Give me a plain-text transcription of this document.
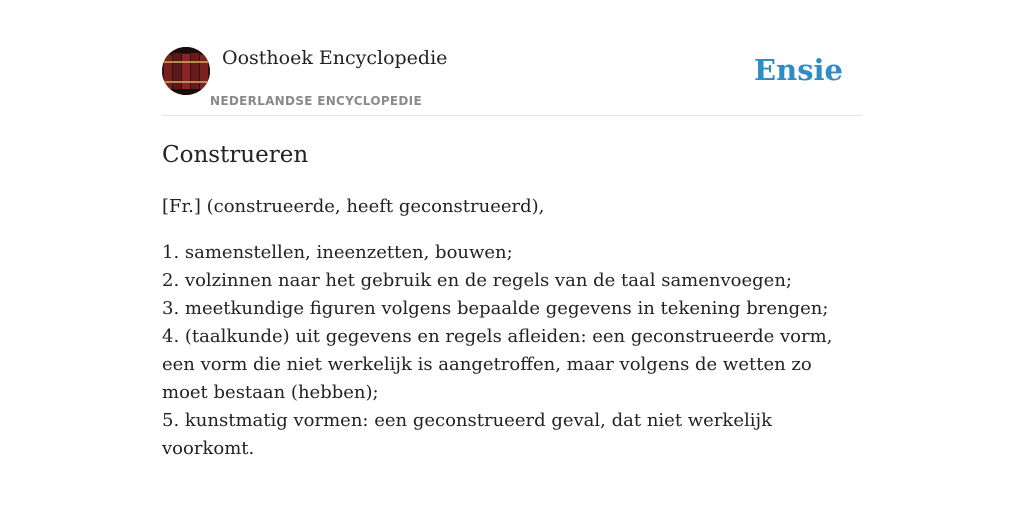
Oosthoek Encyclopedie
NEDERLANDSE ENCYCLOPEDIE
Ensie
Construeren
[Fr.] (construeerde, heeft geconstrueerd),
1. samenstellen, ineenzetten, bouwen;
2. volzinnen naar het gebruik en de regels van de taal samenvoegen;
3. meetkundige figuren volgens bepaalde gegevens in tekening brengen;
4. (taalkunde) uit gegevens en regels afleiden: een geconstrueerde vorm, een vorm die niet werkelijk is aangetroffen, maar volgens de wetten zo moet bestaan (hebben);
5. kunstmatig vormen: een geconstrueerd geval, dat niet werkelijk voorkomt.
